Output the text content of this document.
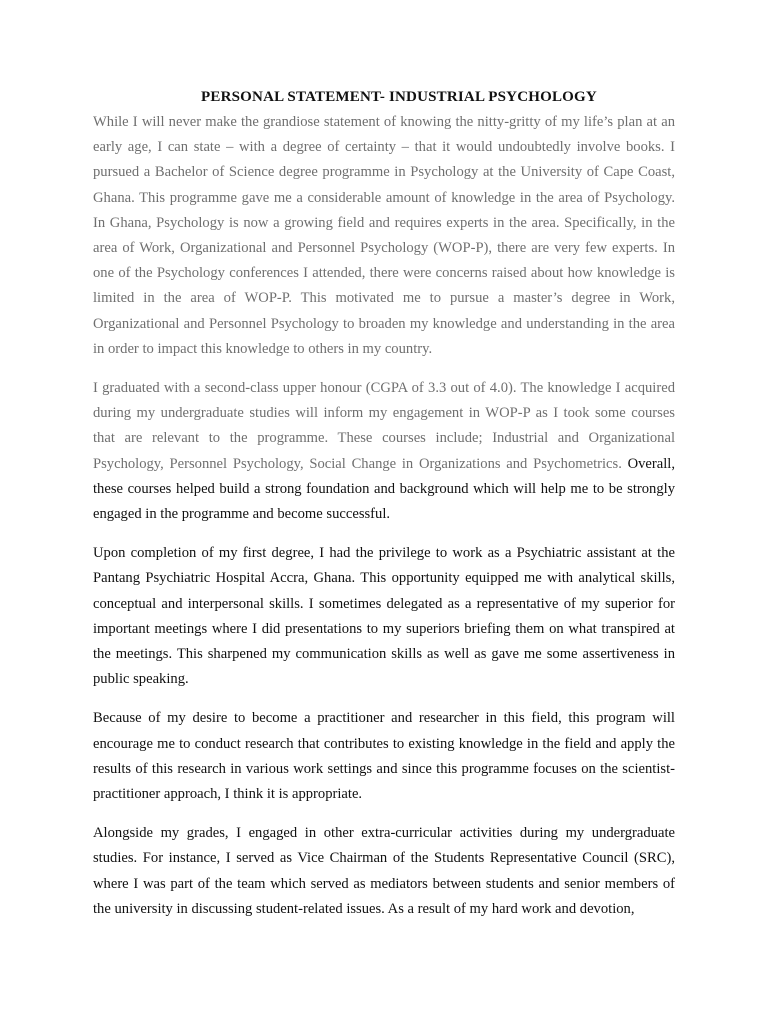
PERSONAL STATEMENT- INDUSTRIAL PSYCHOLOGY

While I will never make the grandiose statement of knowing the nitty-gritty of my life’s plan at an early age, I can state – with a degree of certainty – that it would undoubtedly involve books. I pursued a Bachelor of Science degree programme in Psychology at the University of Cape Coast, Ghana. This programme gave me a considerable amount of knowledge in the area of Psychology. In Ghana, Psychology is now a growing field and requires experts in the area. Specifically, in the area of Work, Organizational and Personnel Psychology (WOP-P), there are very few experts. In one of the Psychology conferences I attended, there were concerns raised about how knowledge is limited in the area of WOP-P. This motivated me to pursue a master’s degree in Work, Organizational and Personnel Psychology to broaden my knowledge and understanding in the area in order to impact this knowledge to others in my country.

I graduated with a second-class upper honour (CGPA of 3.3 out of 4.0). The knowledge I acquired during my undergraduate studies will inform my engagement in WOP-P as I took some courses that are relevant to the programme. These courses include; Industrial and Organizational Psychology, Personnel Psychology, Social Change in Organizations and Psychometrics. Overall, these courses helped build a strong foundation and background which will help me to be strongly engaged in the programme and become successful.

Upon completion of my first degree, I had the privilege to work as a Psychiatric assistant at the Pantang Psychiatric Hospital Accra, Ghana. This opportunity equipped me with analytical skills, conceptual and interpersonal skills. I sometimes delegated as a representative of my superior for important meetings where I did presentations to my superiors briefing them on what transpired at the meetings. This sharpened my communication skills as well as gave me some assertiveness in public speaking.

Because of my desire to become a practitioner and researcher in this field, this program will encourage me to conduct research that contributes to existing knowledge in the field and apply the results of this research in various work settings and since this programme focuses on the scientist-practitioner approach, I think it is appropriate.

Alongside my grades, I engaged in other extra-curricular activities during my undergraduate studies. For instance, I served as Vice Chairman of the Students Representative Council (SRC), where I was part of the team which served as mediators between students and senior members of the university in discussing student-related issues. As a result of my hard work and devotion,
